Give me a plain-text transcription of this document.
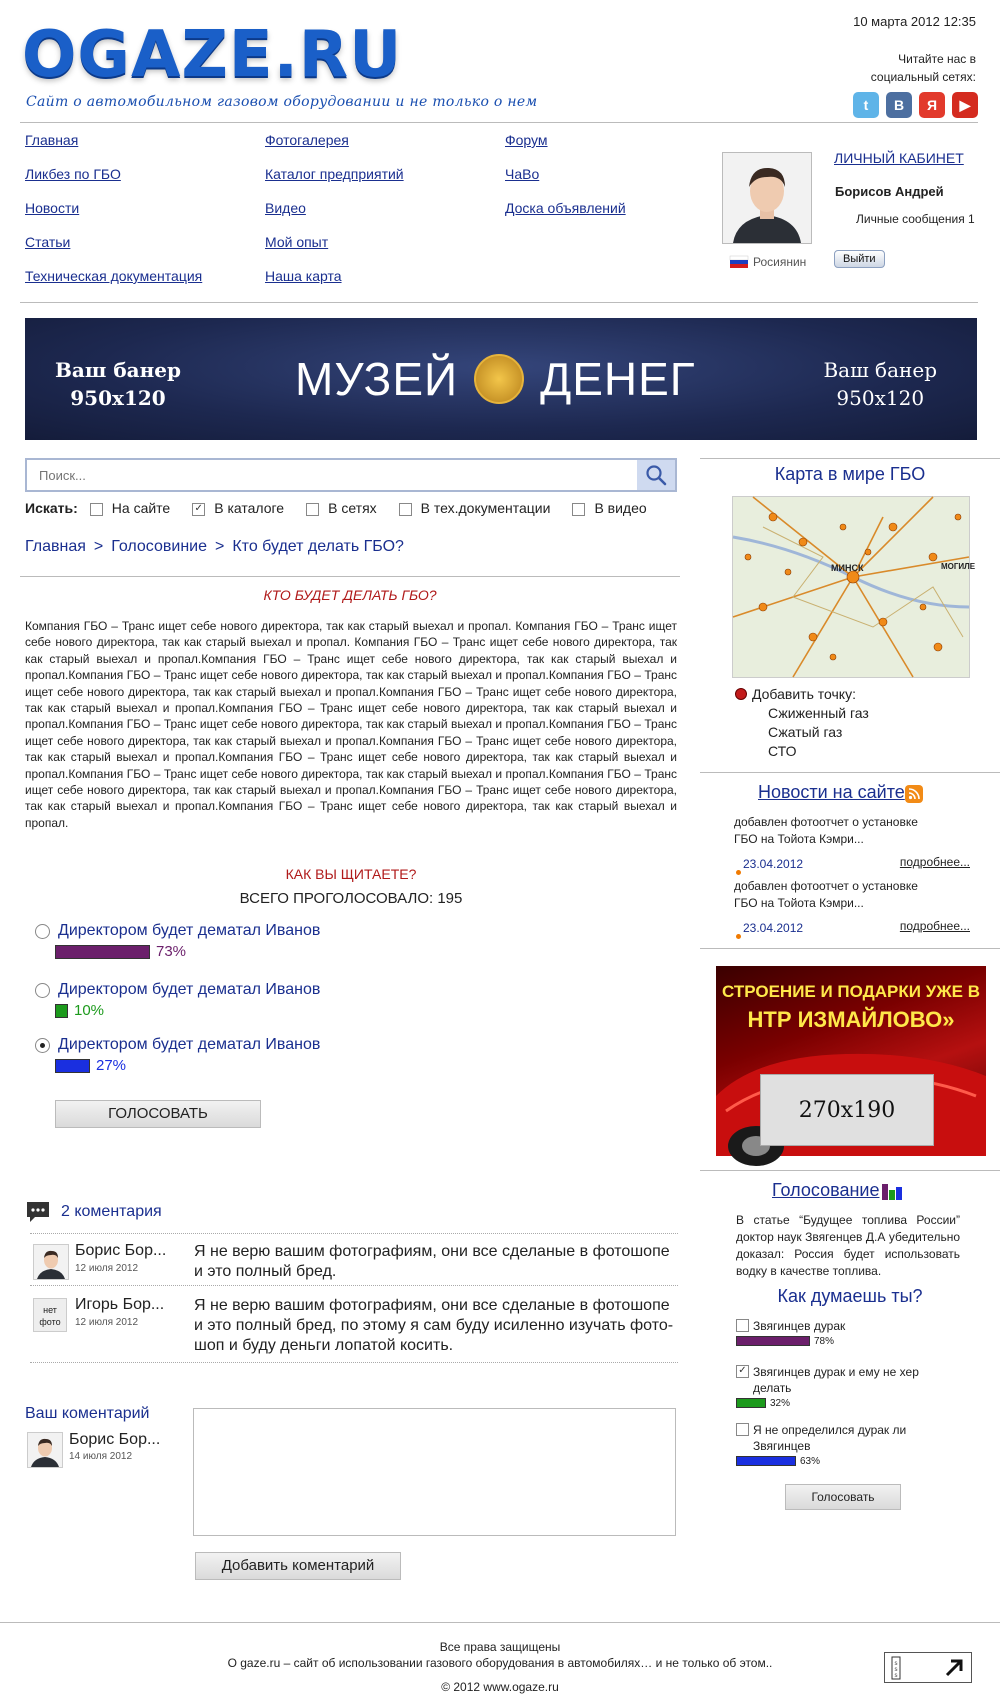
OGAZE.RU
Сайт о автомобильном газовом оборудовании и не только о нем
10 марта 2012 12:35
Читайте нас в
социальный сетях:
t	В	Я	▶
Главная
Ликбез по ГБО
Новости
Статьи
Техническая документация
Фотогалерея
Каталог предприятий
Видео
Мой опыт
Наша карта
Форум
ЧаВо
Доска объявлений
ЛИЧНЫЙ КАБИНЕТ
Борисов Андрей
Личные сообщения 1
Росиянин	Выйти
Ваш банер
950x120	МУЗЕЙ ДЕНЕГ	Ваш банер
950x120
Поиск...
Искать: На сайте ✓ В каталоге	В сетях	В тех.документации	В видео
Главная > Голосовиние > Кто будет делать ГБО?
КТО БУДЕТ ДЕЛАТЬ ГБО?
Компания ГБО – Транс ищет себе нового директора, так как старый выехал и пропал. Компания ГБО – Транс ищет себе нового директора, так как старый выехал и пропал. Компания ГБО – Транс ищет себе нового директора, так как старый выехал и пропал.Компания ГБО – Транс ищет себе нового директора, так как старый выехал и пропал.Компания ГБО – Транс ищет себе нового директора, так как старый выехал и пропал.Компания ГБО – Транс ищет себе нового директора, так как старый выехал и пропал.Компания ГБО – Транс ищет себе нового директора, так как старый выехал и пропал.Компания ГБО – Транс ищет себе нового директора, так как старый выехал и пропал.Компания ГБО – Транс ищет себе нового директора, так как старый выехал и пропал.Компания ГБО – Транс ищет себе нового директора, так как старый выехал и пропал.Компания ГБО – Транс ищет себе нового директора, так как старый выехал и пропал.Компания ГБО – Транс ищет себе нового директора, так как старый выехал и пропал.Компания ГБО – Транс ищет себе нового директора, так как старый выехал и пропал.Компания ГБО – Транс ищет себе нового директора, так как старый выехал и пропал.Компания ГБО – Транс ищет себе нового директора, так как старый выехал и пропал.Компания ГБО – Транс ищет себе нового директора, так как старый выехал и пропал.
КАК ВЫ ЩИТАЕТЕ?
ВСЕГО ПРОГОЛОСОВАЛО: 195
Директором будет дематал Иванов
73%
Директором будет дематал Иванов
10%
Директором будет дематал Иванов
27%
ГОЛОСОВАТЬ
2 коментария
Борис Бор...
12 июля 2012
Я не верю вашим фотографиям, они все сделаные в фотошопе и это полный бред.
нет
фото
Игорь Бор...
12 июля 2012
Я не верю вашим фотографиям, они все сделаные в фотошопе и это полный бред, по этому я сам буду исиленно изучать фото-шоп и буду деньги лопатой косить.
Ваш коментарий
Борис Бор...
14 июля 2012
Добавить коментарий
Карта в мире ГБО
МИНСК	МОГИЛЕ
Добавить точку:
Сжиженный газ
Сжатый газ
СТО
Новости на сайте
добавлен фотоотчет о установке ГБО на Тойота Кэмри...
23.04.2012	подробнее...
добавлен фотоотчет о установке ГБО на Тойота Кэмри...
23.04.2012	подробнее...
СТРОЕНИЕ И ПОДАРКИ УЖЕ В
НТР ИЗМАЙЛОВО»
270x190
Голосование
В статье “Будущее топлива России” доктор наук Звягенцев Д.А убедительно доказал: Россия будет использовать водку в качестве топлива.
Как думаешь ты?
Звягинцев дурак
78%
✓ Звягинцев дурак и ему не хер делать
32%
Я не определился дурак ли Звягинцев
63%
Голосовать
Все права защищены
О gaze.ru – сайт об использовании газового оборудования в автомобилях… и не только об этом..
© 2012 www.ogaze.ru
s
s
s
